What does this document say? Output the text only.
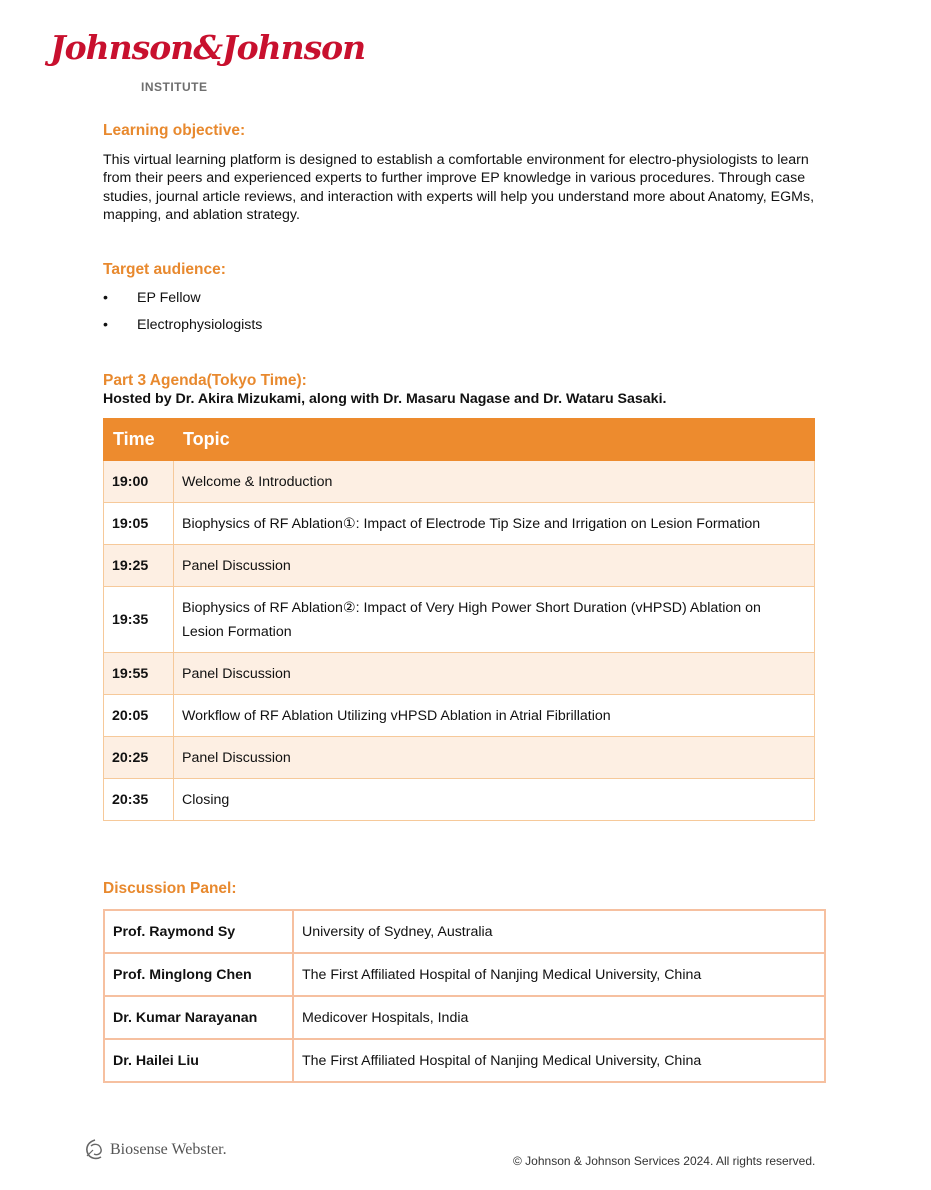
Johnson&Johnson
INSTITUTE
Learning objective:

This virtual learning platform is designed to establish a comfortable environment for electro-physiologists to learn from their peers and experienced experts to further improve EP knowledge in various procedures. Through case studies, journal article reviews, and interaction with experts will help you understand more about Anatomy, EGMs, mapping, and ablation strategy.

Target audience:
• EP Fellow
• Electrophysiologists
Part 3 Agenda(Tokyo Time):

Hosted by Dr. Akira Mizukami, along with Dr. Masaru Nagase and Dr. Wataru Sasaki.

Time	Topic
19:00	Welcome & Introduction
19:05	Biophysics of RF Ablation①: Impact of Electrode Tip Size and Irrigation on Lesion Formation
19:25	Panel Discussion
19:35	Biophysics of RF Ablation②: Impact of Very High Power Short Duration (vHPSD) Ablation on Lesion Formation
19:55	Panel Discussion
20:05	Workflow of RF Ablation Utilizing vHPSD Ablation in Atrial Fibrillation
20:25	Panel Discussion
20:35	Closing
Discussion Panel:
Prof. Raymond Sy	University of Sydney, Australia
Prof. Minglong Chen	The First Affiliated Hospital of Nanjing Medical University, China
Dr. Kumar Narayanan	Medicover Hospitals, India
Dr. Hailei Liu	The First Affiliated Hospital of Nanjing Medical University, China
Biosense Webster.
© Johnson & Johnson Services 2024. All rights reserved.
